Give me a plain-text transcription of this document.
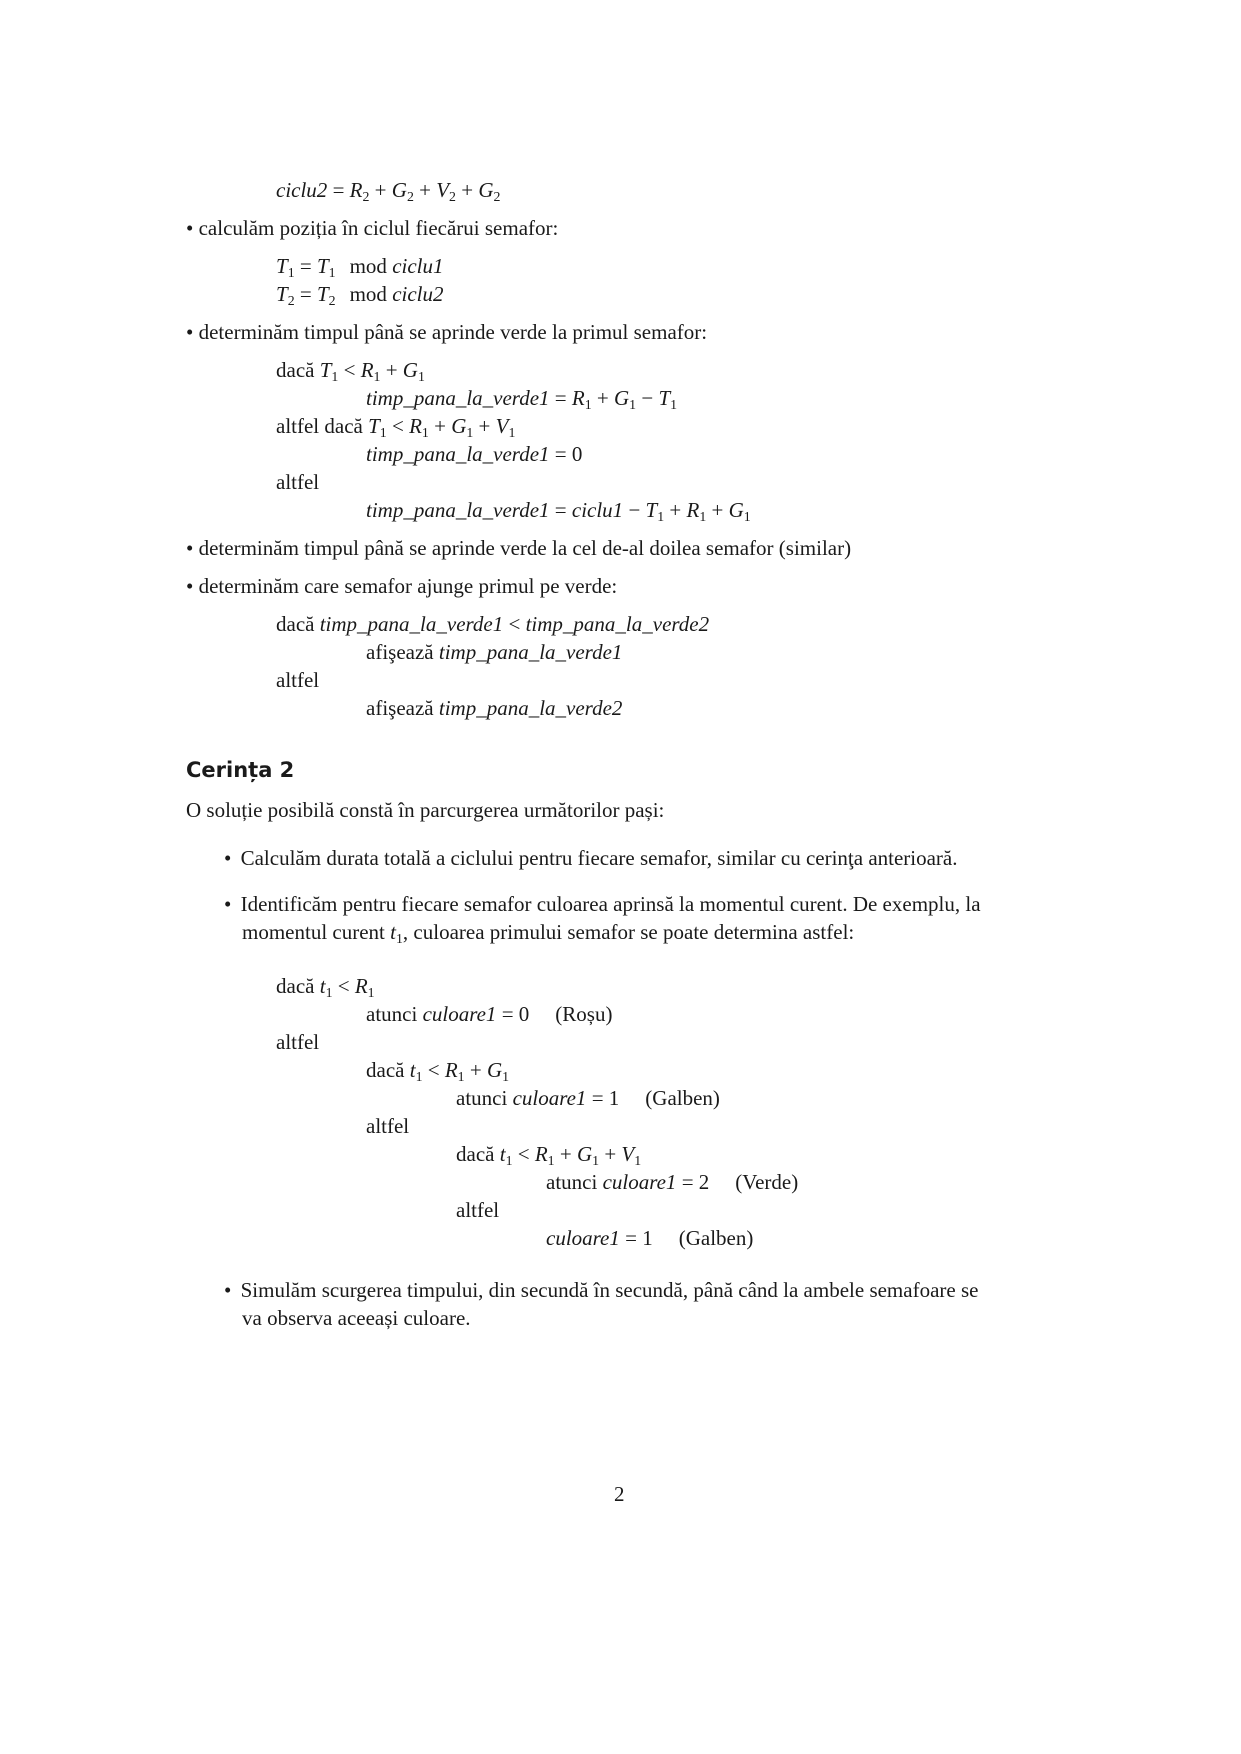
ciclu2 = $R_2 + G_2 + V_2 + G_2$
• calculăm poziția în ciclul fiecărui semafor:
$T_1 = T_1$ mod ciclu1
$T_2 = T_2$ mod ciclu2
• determinăm timpul până se aprinde verde la primul semafor:
dacă $T_1 < R_1 + G_1$
timp_pana_la_verde1 = $R_1 + G_1 - T_1$
altfel dacă $T_1 < R_1 + G_1 + V_1$
timp_pana_la_verde1 = 0
altfel
timp_pana_la_verde1 = ciclu1 − $T_1 + R_1 + G_1$
• determinăm timpul până se aprinde verde la cel de-al doilea semafor (similar)
• determinăm care semafor ajunge primul pe verde:
dacă timp_pana_la_verde1 < timp_pana_la_verde2
afişează timp_pana_la_verde1
altfel
afişează timp_pana_la_verde2
Cerința 2
O soluție posibilă constă în parcurgerea următorilor pași:
• Calculăm durata totală a ciclului pentru fiecare semafor, similar cu cerinţa anterioară.
• Identificăm pentru fiecare semafor culoarea aprinsă la momentul curent. De exemplu, la
momentul curent $t_1$, culoarea primului semafor se poate determina astfel:
dacă $t_1 < R_1$
atunci culoare1 = 0 (Roșu)
altfel
dacă $t_1 < R_1 + G_1$
atunci culoare1 = 1 (Galben)
altfel
dacă $t_1 < R_1 + G_1 + V_1$
atunci culoare1 = 2 (Verde)
altfel
culoare1 = 1 (Galben)
• Simulăm scurgerea timpului, din secundă în secundă, până când la ambele semafoare se
va observa aceeași culoare.
2
